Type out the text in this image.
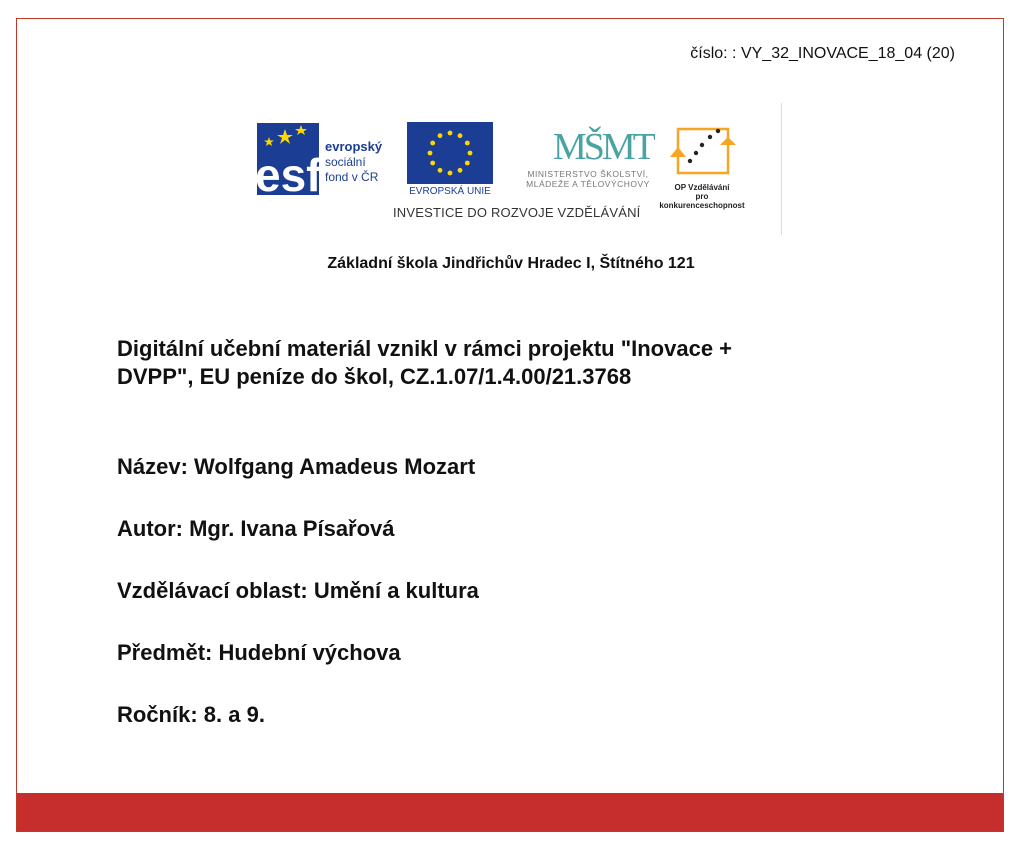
číslo: : VY_32_INOVACE_18_04 (20)
esf
evropský
sociální
fond v ČR
EVROPSKÁ UNIE
MŠMT
MINISTERSTVO ŠKOLSTVÍ,
MLÁDEŽE A TĚLOVÝCHOVY	OP Vzdělávání
pro konkurenceschopnost
INVESTICE DO ROZVOJE VZDĚLÁVÁNÍ
Základní škola Jindřichův Hradec I, Štítného 121

Digitální učební materiál vznikl v rámci projektu "Inovace +
DVPP", EU peníze do škol, CZ.1.07/1.4.00/21.3768

Název: Wolfgang Amadeus Mozart

Autor: Mgr. Ivana Písařová

Vzdělávací oblast: Umění a kultura

Předmět: Hudební výchova

Ročník: 8. a 9.
